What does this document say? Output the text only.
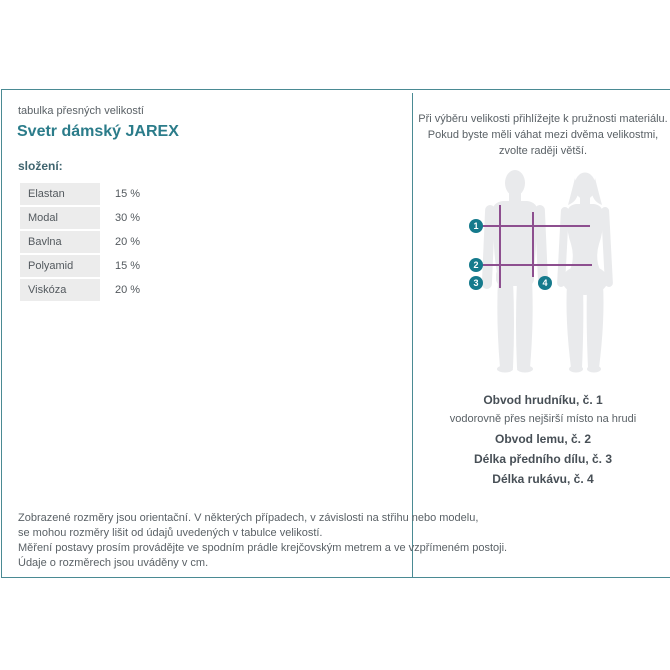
tabulka přesných velikostí
Svetr dámský JAREX
složení:
Elastan	15 %
Modal	30 %
Bavlna	20 %
Polyamid	15 %
Viskóza	20 %
Zobrazené rozměry jsou orientační. V některých případech, v závislosti na střihu nebo modelu,
se mohou rozměry lišit od údajů uvedených v tabulce velikostí.
Měření postavy prosím provádějte ve spodním prádle krejčovským metrem a ve vzpřímeném postoji.
Údaje o rozměrech jsou uváděny v cm.
Při výběru velikosti přihlížejte k pružnosti materiálu.
Pokud byste měli váhat mezi dvěma velikostmi,
zvolte raději větší.
1
2
3	4
Obvod hrudníku, č. 1
vodorovně přes nejširší místo na hrudi
Obvod lemu, č. 2
Délka předního dílu, č. 3
Délka rukávu, č. 4
